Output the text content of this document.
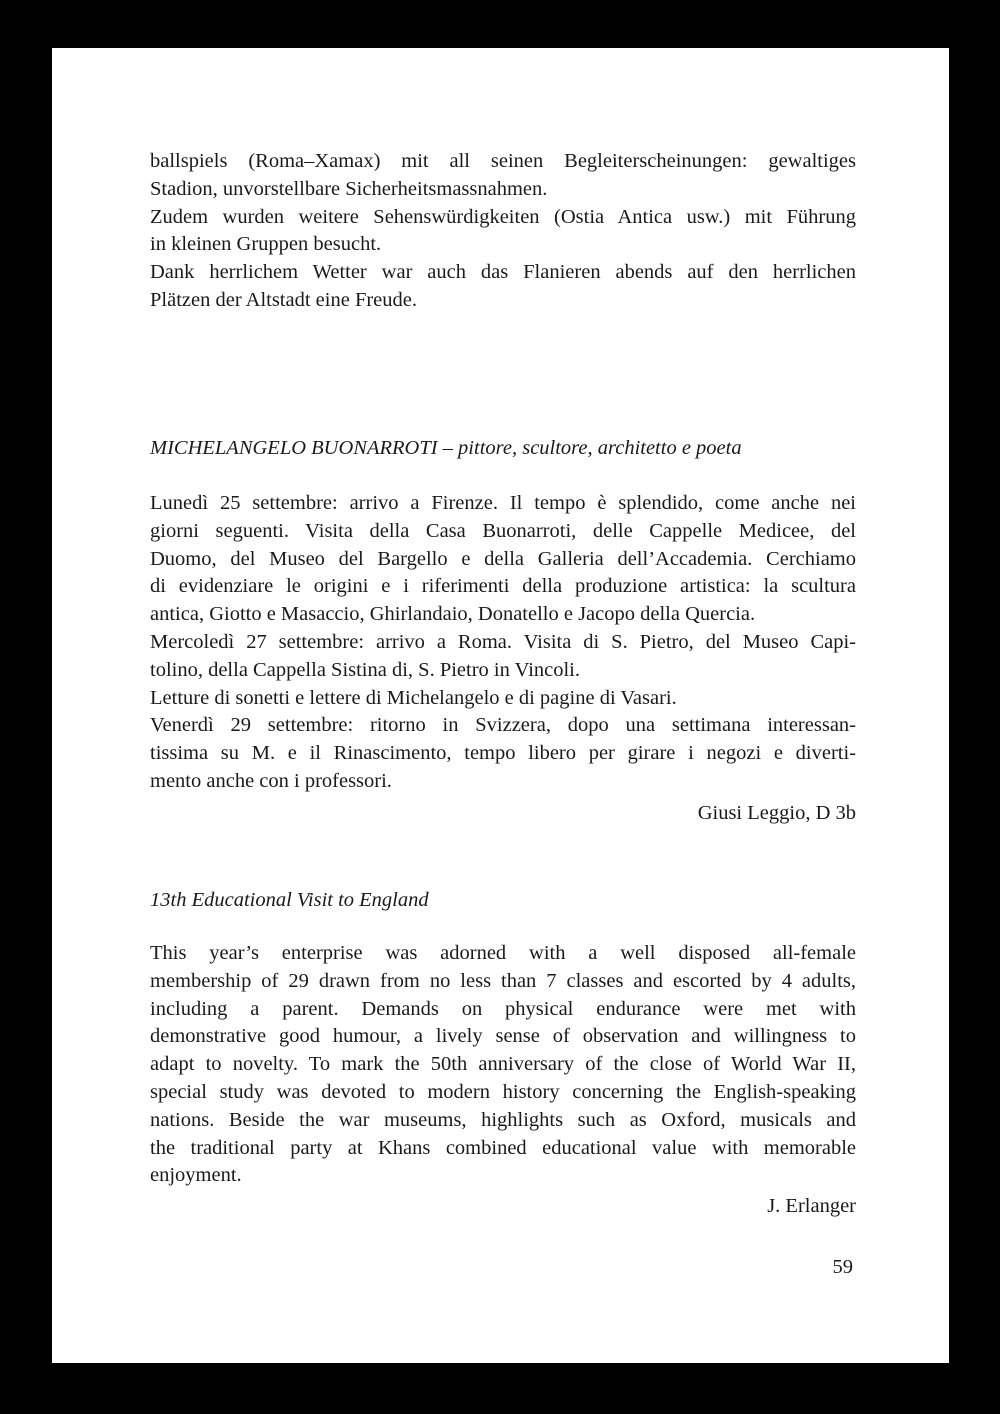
ballspiels (Roma–Xamax) mit all seinen Begleiterscheinungen: gewaltiges
Stadion, unvorstellbare Sicherheitsmassnahmen.
Zudem wurden weitere Sehenswürdigkeiten (Ostia Antica usw.) mit Führung
in kleinen Gruppen besucht.
Dank herrlichem Wetter war auch das Flanieren abends auf den herrlichen
Plätzen der Altstadt eine Freude.

MICHELANGELO BUONARROTI – pittore, scultore, architetto e poeta

Lunedì 25 settembre: arrivo a Firenze. Il tempo è splendido, come anche nei
giorni seguenti. Visita della Casa Buonarroti, delle Cappelle Medicee, del
Duomo, del Museo del Bargello e della Galleria dell’Accademia. Cerchiamo
di evidenziare le origini e i riferimenti della produzione artistica: la scultura
antica, Giotto e Masaccio, Ghirlandaio, Donatello e Jacopo della Quercia.
Mercoledì 27 settembre: arrivo a Roma. Visita di S. Pietro, del Museo Capi-
tolino, della Cappella Sistina di, S. Pietro in Vincoli.
Letture di sonetti e lettere di Michelangelo e di pagine di Vasari.
Venerdì 29 settembre: ritorno in Svizzera, dopo una settimana interessan-
tissima su M. e il Rinascimento, tempo libero per girare i negozi e diverti-
mento anche con i professori.

Giusi Leggio, D 3b

13th Educational Visit to England

This year’s enterprise was adorned with a well disposed all-female
membership of 29 drawn from no less than 7 classes and escorted by 4 adults,
including a parent. Demands on physical endurance were met with
demonstrative good humour, a lively sense of observation and willingness to
adapt to novelty. To mark the 50th anniversary of the close of World War II,
special study was devoted to modern history concerning the English-speaking
nations. Beside the war museums, highlights such as Oxford, musicals and
the traditional party at Khans combined educational value with memorable
enjoyment.

J. Erlanger

59
